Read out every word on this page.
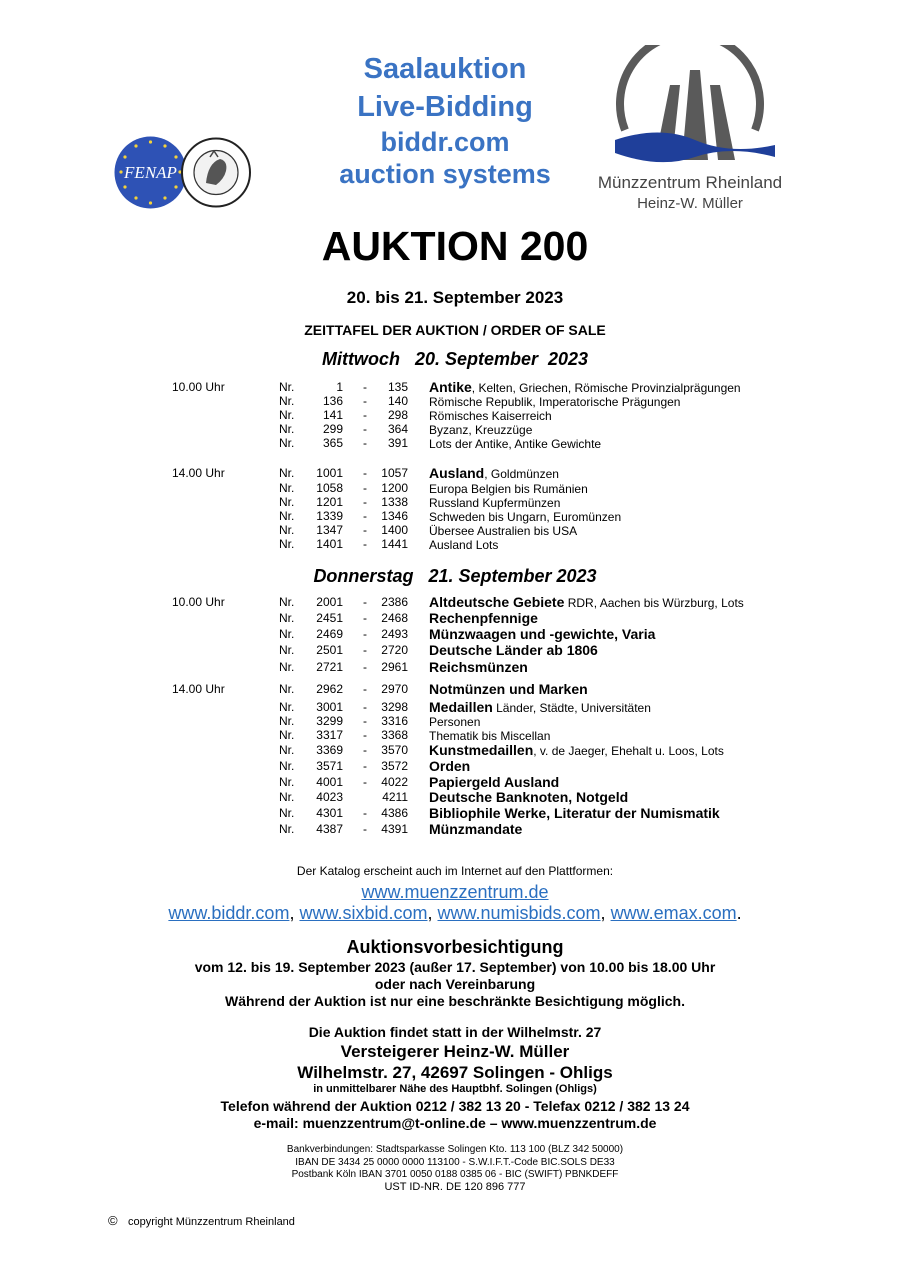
FENAP
Saalauktion
Live-Bidding
biddr.com
auction systems	Münzzentrum Rheinland
Heinz-W. Müller
AUKTION 200
20. bis 21. September 2023
ZEITTAFEL DER AUKTION / ORDER OF SALE
Mittwoch   20. September  2023
10.00 Uhr	Nr.	1 -	135 Antike, Kelten, Griechen, Römische Provinzialprägungen
Nr.	136 -	140 Römische Republik, Imperatorische Prägungen
Nr.	141 -	298 Römisches Kaiserreich
Nr.	299 -	364 Byzanz, Kreuzzüge
Nr.	365 -	391 Lots der Antike, Antike Gewichte
14.00 Uhr	Nr.	1001 -	1057 Ausland, Goldmünzen
Nr.	1058 -	1200 Europa Belgien bis Rumänien
Nr.	1201 -	1338 Russland Kupfermünzen
Nr.	1339 -	1346 Schweden bis Ungarn, Euromünzen
Nr.	1347 -	1400 Übersee Australien bis USA
Nr.	1401 -	1441 Ausland Lots
Donnerstag   21. September 2023
10.00 Uhr	Nr.	2001 -	2386 Altdeutsche Gebiete RDR, Aachen bis Würzburg, Lots
Nr.	2451 -	2468 Rechenpfennige
Nr.	2469 -	2493 Münzwaagen und -gewichte, Varia
Nr.	2501 -	2720 Deutsche Länder ab 1806
Nr.	2721 -	2961 Reichsmünzen
14.00 Uhr	Nr.	2962 -	2970 Notmünzen und Marken
Nr.	3001 -	3298 Medaillen Länder, Städte, Universitäten
Nr.	3299 -	3316 Personen
Nr.	3317 -	3368 Thematik bis Miscellan
Nr.	3369 -	3570 Kunstmedaillen, v. de Jaeger, Ehehalt u. Loos, Lots
Nr.	3571 -	3572 Orden
Nr.	4001 -	4022 Papiergeld Ausland
Nr.	4023	4211 Deutsche Banknoten, Notgeld
Nr.	4301 -	4386 Bibliophile Werke, Literatur der Numismatik
Nr.	4387 -	4391 Münzmandate
Der Katalog erscheint auch im Internet auf den Plattformen:
www.muenzzentrum.de
www.biddr.com, www.sixbid.com, www.numisbids.com, www.emax.com.
Auktionsvorbesichtigung
vom 12. bis 19. September 2023 (außer 17. September) von 10.00 bis 18.00 Uhr
oder nach Vereinbarung
Während der Auktion ist nur eine beschränkte Besichtigung möglich.
Die Auktion findet statt in der Wilhelmstr. 27
Versteigerer Heinz-W. Müller
Wilhelmstr. 27, 42697 Solingen - Ohligs
in unmittelbarer Nähe des Hauptbhf. Solingen (Ohligs)
Telefon während der Auktion 0212 / 382 13 20 - Telefax 0212 / 382 13 24
e-mail: muenzzentrum@t-online.de – www.muenzzentrum.de
Bankverbindungen: Stadtsparkasse Solingen Kto. 113 100 (BLZ 342 50000)
IBAN DE 3434 25 0000 0000 113100 - S.W.I.F.T.-Code BIC.SOLS DE33
Postbank Köln IBAN 3701 0050 0188 0385 06 - BIC (SWIFT) PBNKDEFF
UST ID-NR. DE 120 896 777
© copyright Münzzentrum Rheinland
